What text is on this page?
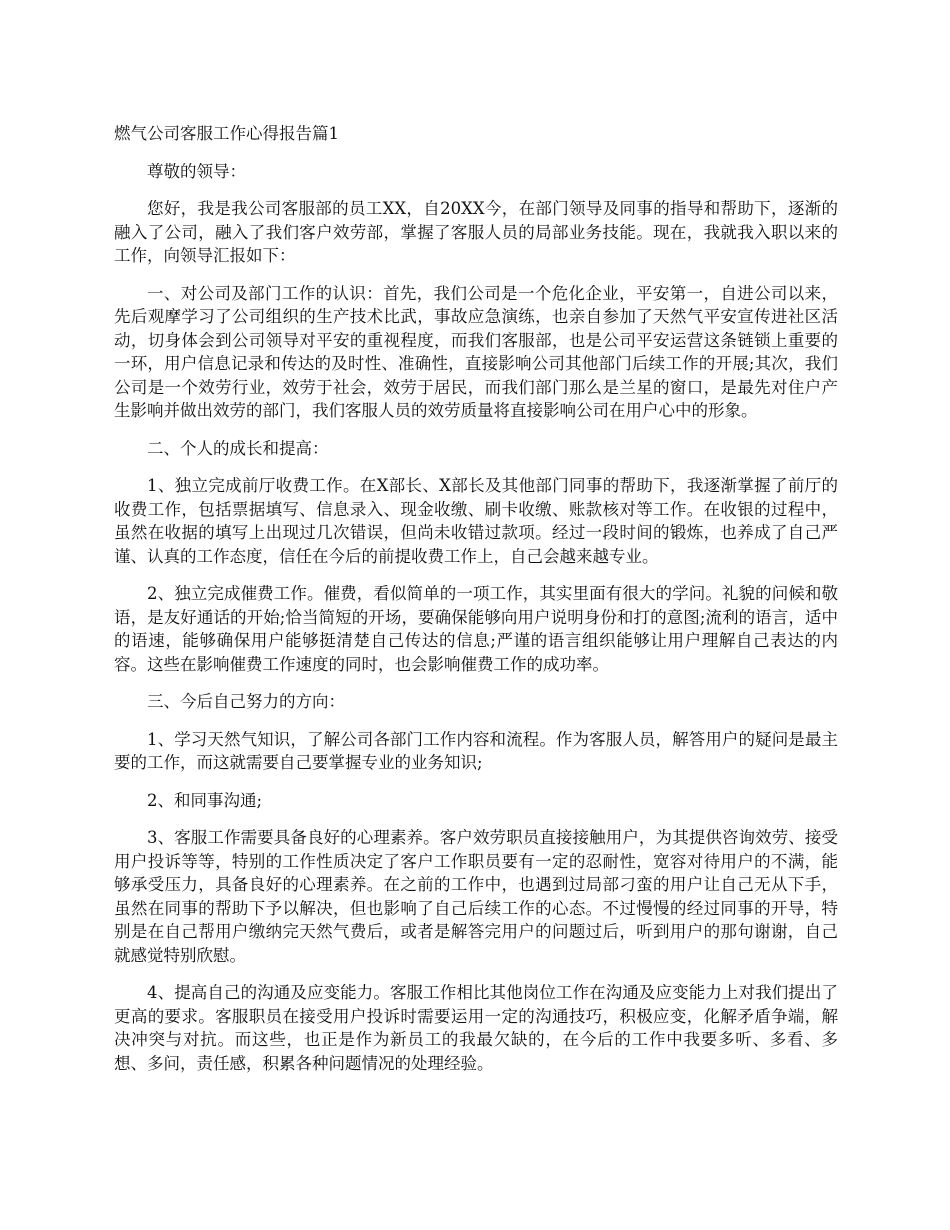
燃气公司客服工作心得报告篇1

尊敬的领导：

您好，我是我公司客服部的员工XX，自20XX今，在部门领导及同事的指导和帮助下，逐渐的融入了公司，融入了我们客户效劳部，掌握了客服人员的局部业务技能。现在，我就我入职以来的工作，向领导汇报如下：

一、对公司及部门工作的认识：首先，我们公司是一个危化企业，平安第一，自进公司以来，先后观摩学习了公司组织的生产技术比武，事故应急演练，也亲自参加了天然气平安宣传进社区活动，切身体会到公司领导对平安的重视程度，而我们客服部，也是公司平安运营这条链锁上重要的一环，用户信息记录和传达的及时性、准确性，直接影响公司其他部门后续工作的开展;其次，我们公司是一个效劳行业，效劳于社会，效劳于居民，而我们部门那么是兰星的窗口，是最先对住户产生影响并做出效劳的部门，我们客服人员的效劳质量将直接影响公司在用户心中的形象。

二、个人的成长和提高：

1、独立完成前厅收费工作。在X部长、X部长及其他部门同事的帮助下，我逐渐掌握了前厅的收费工作，包括票据填写、信息录入、现金收缴、刷卡收缴、账款核对等工作。在收银的过程中，虽然在收据的填写上出现过几次错误，但尚未收错过款项。经过一段时间的锻炼，也养成了自己严谨、认真的工作态度，信任在今后的前提收费工作上，自己会越来越专业。

2、独立完成催费工作。催费，看似简单的一项工作，其实里面有很大的学问。礼貌的问候和敬语，是友好通话的开始;恰当简短的开场，要确保能够向用户说明身份和打的意图;流利的语言，适中的语速，能够确保用户能够挺清楚自己传达的信息;严谨的语言组织能够让用户理解自己表达的内容。这些在影响催费工作速度的同时，也会影响催费工作的成功率。

三、今后自己努力的方向：

1、学习天然气知识，了解公司各部门工作内容和流程。作为客服人员，解答用户的疑问是最主要的工作，而这就需要自己要掌握专业的业务知识;

2、和同事沟通;

3、客服工作需要具备良好的心理素养。客户效劳职员直接接触用户，为其提供咨询效劳、接受用户投诉等等，特别的工作性质决定了客户工作职员要有一定的忍耐性，宽容对待用户的不满，能够承受压力，具备良好的心理素养。在之前的工作中，也遇到过局部刁蛮的用户让自己无从下手，虽然在同事的帮助下予以解决，但也影响了自己后续工作的心态。不过慢慢的经过同事的开导，特别是在自己帮用户缴纳完天然气费后，或者是解答完用户的问题过后，听到用户的那句谢谢，自己就感觉特别欣慰。

4、提高自己的沟通及应变能力。客服工作相比其他岗位工作在沟通及应变能力上对我们提出了更高的要求。客服职员在接受用户投诉时需要运用一定的沟通技巧，积极应变，化解矛盾争端，解决冲突与对抗。而这些，也正是作为新员工的我最欠缺的，在今后的工作中我要多听、多看、多想、多问，责任感，积累各种问题情况的处理经验。
